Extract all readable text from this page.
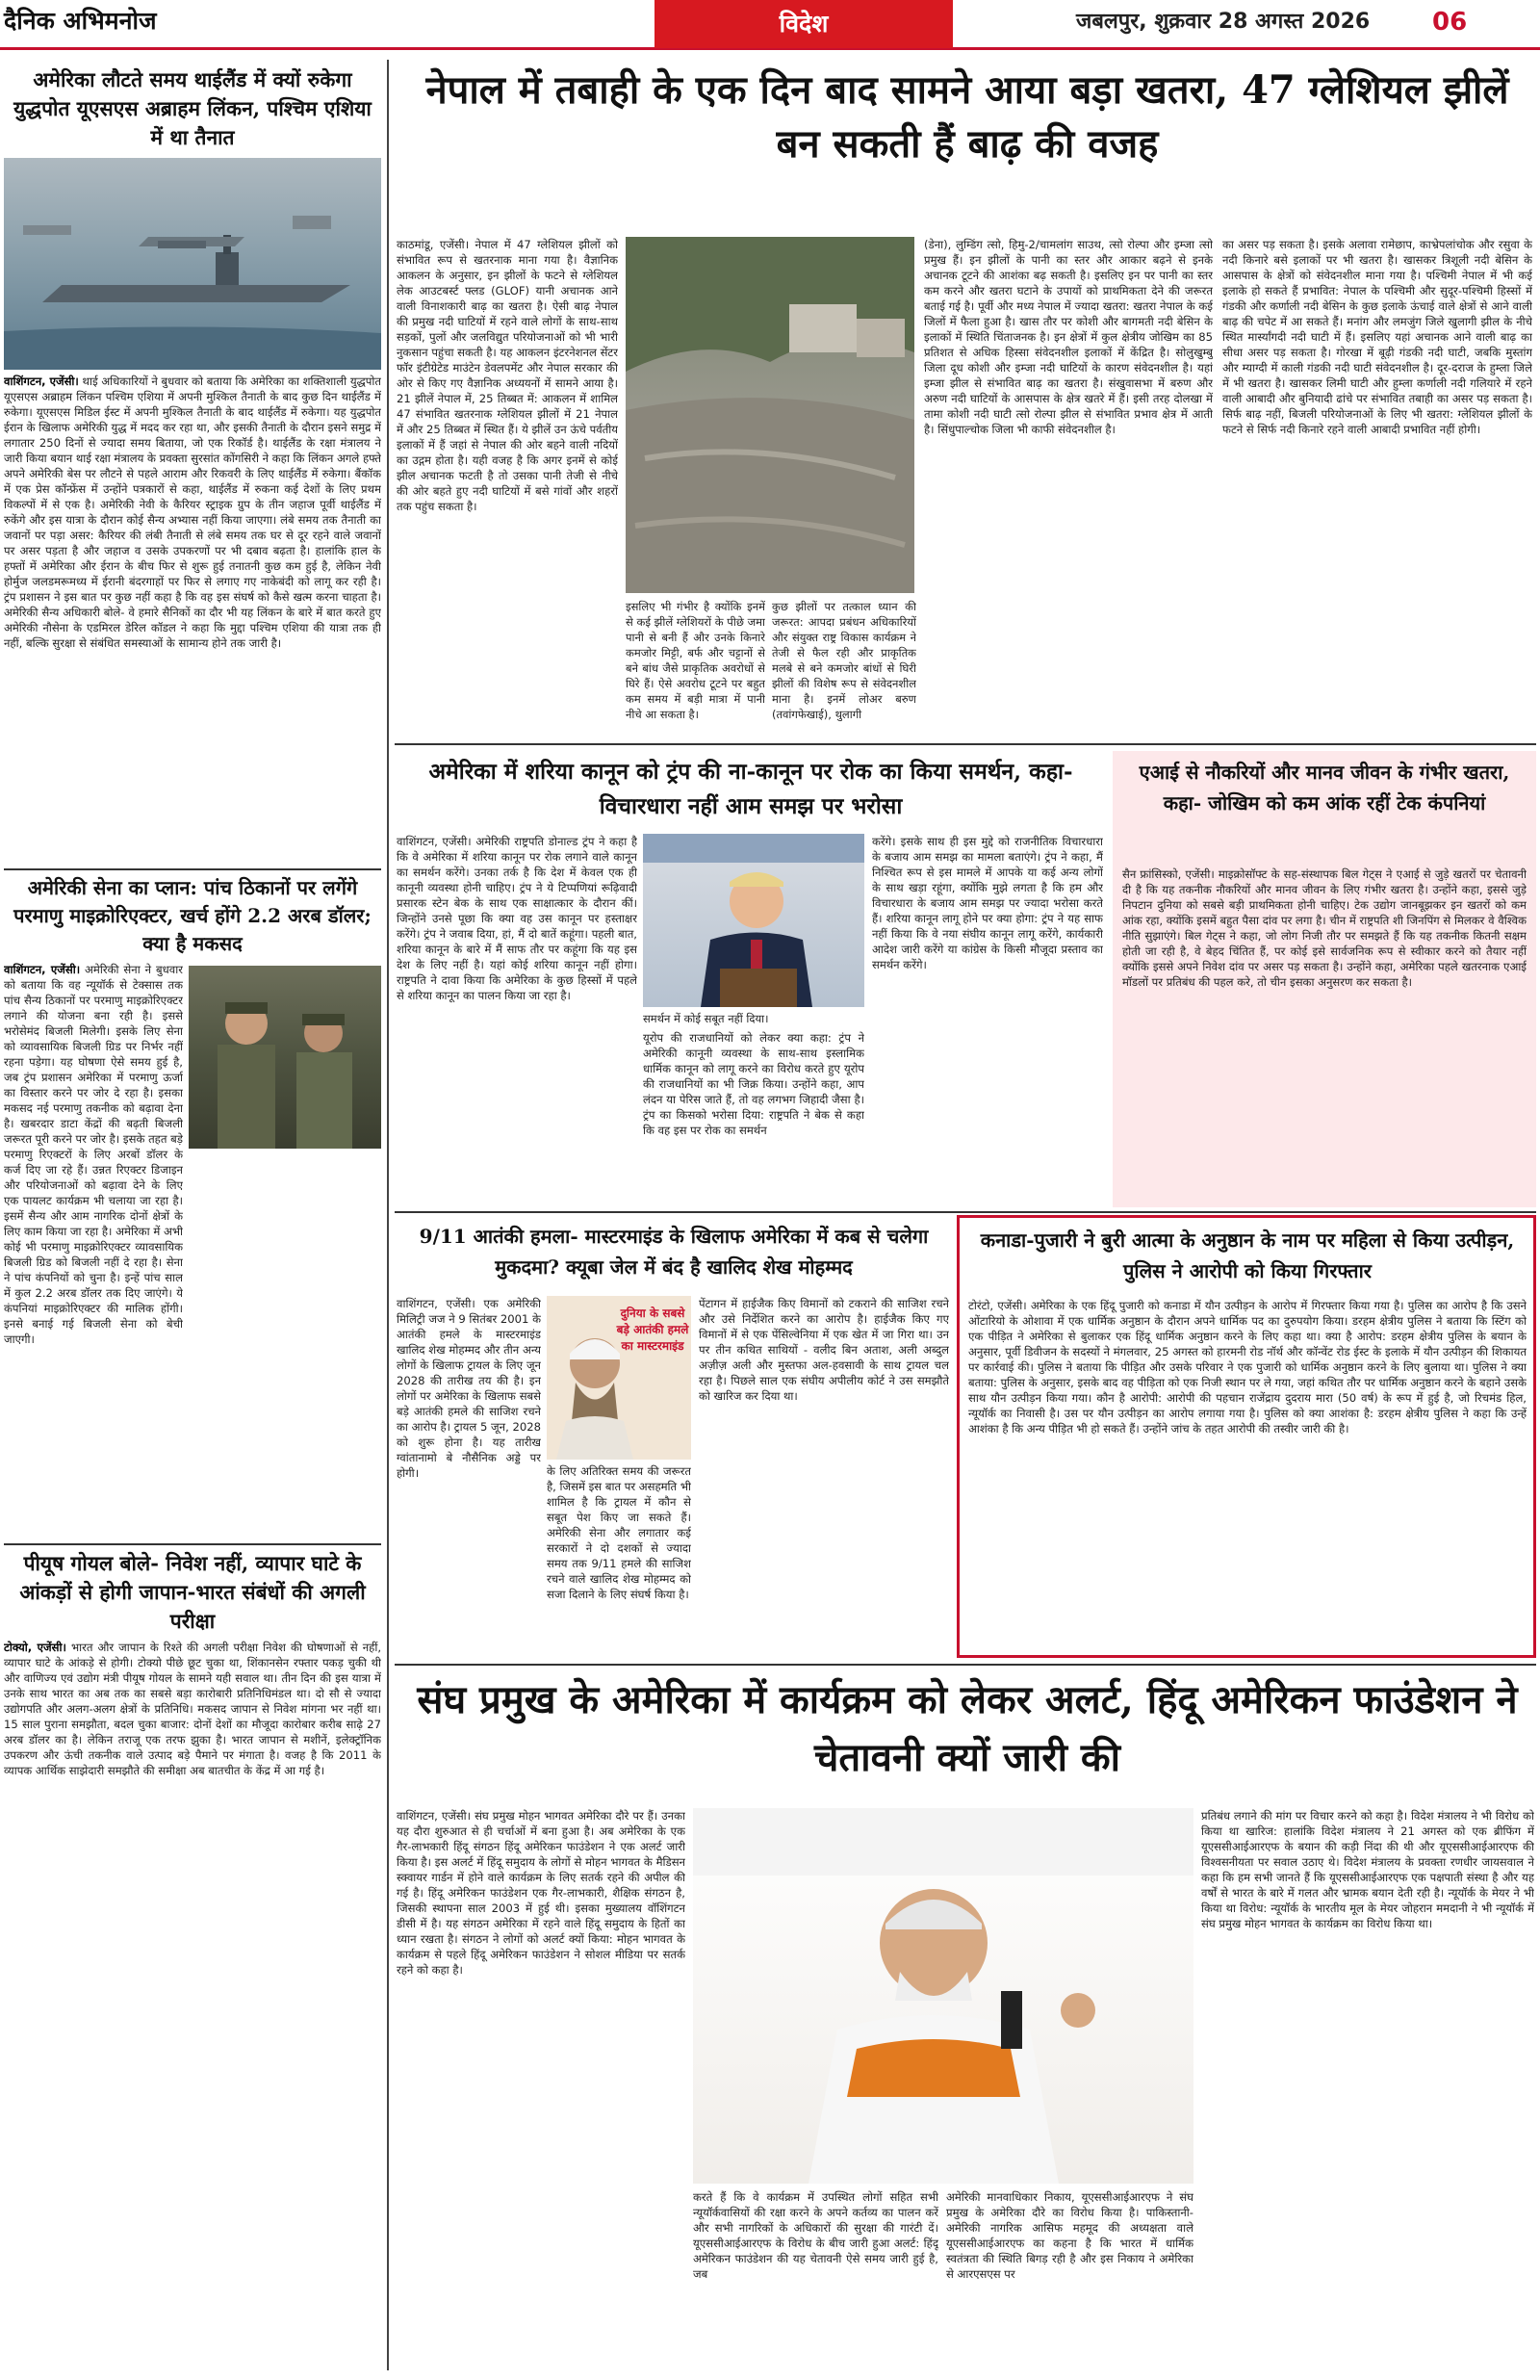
दैनिक अभिमनोज	विदेश	जबलपुर, शुक्रवार 28 अगस्त 2026 06
अमेरिका लौटते समय थाईलैंड में क्यों रुकेगा युद्धपोत यूएसएस अब्राहम लिंकन, पश्चिम एशिया में था तैनात
वाशिंगटन, एजेंसी। थाई अधिकारियों ने बुधवार को बताया कि अमेरिका का शक्तिशाली युद्धपोत यूएसएस अब्राहम लिंकन पश्चिम एशिया में अपनी मुश्किल तैनाती के बाद कुछ दिन थाईलैंड में रुकेगा। यूएसएस मिडिल ईस्ट में अपनी मुश्किल तैनाती के बाद थाईलैंड में रुकेगा। यह युद्धपोत ईरान के खिलाफ अमेरिकी युद्ध में मदद कर रहा था, और इसकी तैनाती के दौरान इसने समुद्र में लगातार 250 दिनों से ज्यादा समय बिताया, जो एक रिकॉर्ड है। थाईलैंड के रक्षा मंत्रालय ने जारी किया बयान थाई रक्षा मंत्रालय के प्रवक्ता सुरसांत कोंगसिरी ने कहा कि लिंकन अगले हफ्ते अपने अमेरिकी बेस पर लौटने से पहले आराम और रिकवरी के लिए थाईलैंड में रुकेगा। बैंकॉक में एक प्रेस कॉन्फ्रेंस में उन्होंने पत्रकारों से कहा, थाईलैंड में रुकना कई देशों के लिए प्रथम विकल्पों में से एक है। अमेरिकी नेवी के कैरियर स्ट्राइक ग्रुप के तीन जहाज पूर्वी थाईलैंड में रुकेंगे और इस यात्रा के दौरान कोई सैन्य अभ्यास नहीं किया जाएगा। लंबे समय तक तैनाती का जवानों पर पड़ा असर: कैरियर की लंबी तैनाती से लंबे समय तक घर से दूर रहने वाले जवानों पर असर पड़ता है और जहाज व उसके उपकरणों पर भी दबाव बढ़ता है। हालांकि हाल के हफ्तों में अमेरिका और ईरान के बीच फिर से शुरू हुई तनातनी कुछ कम हुई है, लेकिन नेवी होर्मुज जलडमरूमध्य में ईरानी बंदरगाहों पर फिर से लगाए गए नाकेबंदी को लागू कर रही है। ट्रंप प्रशासन ने इस बात पर कुछ नहीं कहा है कि वह इस संघर्ष को कैसे खत्म करना चाहता है। अमेरिकी सैन्य अधिकारी बोले- वे हमारे सैनिकों का दौर भी यह लिंकन के बारे में बात करते हुए अमेरिकी नौसेना के एडमिरल डेरिल कॉडल ने कहा कि मुद्दा पश्चिम एशिया की यात्रा तक ही नहीं, बल्कि सुरक्षा से संबंधित समस्याओं के सामान्य होने तक जारी है।
अमेरिकी सेना का प्लान: पांच ठिकानों पर लगेंगे परमाणु माइक्रोरिएक्टर, खर्च होंगे 2.2 अरब डॉलर; क्या है मकसद
वाशिंगटन, एजेंसी। अमेरिकी सेना ने बुधवार को बताया कि वह न्यूयॉर्क से टेक्सास तक पांच सैन्य ठिकानों पर परमाणु माइक्रोरिएक्टर लगाने की योजना बना रही है। इससे भरोसेमंद बिजली मिलेगी। इसके लिए सेना को व्यावसायिक बिजली ग्रिड पर निर्भर नहीं रहना पड़ेगा। यह घोषणा ऐसे समय हुई है, जब ट्रंप प्रशासन अमेरिका में परमाणु ऊर्जा का विस्तार करने पर जोर दे रहा है। इसका मकसद नई परमाणु तकनीक को बढ़ावा देना है। खबरदार डाटा केंद्रों की बढ़ती बिजली जरूरत पूरी करने पर जोर है। इसके तहत बड़े परमाणु रिएक्टरों के लिए अरबों डॉलर के कर्ज दिए जा रहे हैं। उन्नत रिएक्टर डिजाइन और परियोजनाओं को बढ़ावा देने के लिए एक पायलट कार्यक्रम भी चलाया जा रहा है। इसमें सैन्य और आम नागरिक दोनों क्षेत्रों के लिए काम किया जा रहा है। अमेरिका में अभी कोई भी परमाणु माइक्रोरिएक्टर व्यावसायिक बिजली ग्रिड को बिजली नहीं दे रहा है। सेना ने पांच कंपनियों को चुना है। इन्हें पांच साल में कुल 2.2 अरब डॉलर तक दिए जाएंगे। ये कंपनियां माइक्रोरिएक्टर की मालिक होंगी। इनसे बनाई गई बिजली सेना को बेची जाएगी।
पीयूष गोयल बोले- निवेश नहीं, व्यापार घाटे के आंकड़ों से होगी जापान-भारत संबंधों की अगली परीक्षा
टोक्यो, एजेंसी। भारत और जापान के रिश्ते की अगली परीक्षा निवेश की घोषणाओं से नहीं, व्यापार घाटे के आंकड़े से होगी। टोक्यो पीछे छूट चुका था, शिंकानसेन रफ्तार पकड़ चुकी थी और वाणिज्य एवं उद्योग मंत्री पीयूष गोयल के सामने यही सवाल था। तीन दिन की इस यात्रा में उनके साथ भारत का अब तक का सबसे बड़ा कारोबारी प्रतिनिधिमंडल था। दो सौ से ज्यादा उद्योगपति और अलग-अलग क्षेत्रों के प्रतिनिधि। मकसद जापान से निवेश मांगना भर नहीं था। 15 साल पुराना समझौता, बदल चुका बाजार: दोनों देशों का मौजूदा कारोबार करीब साढ़े 27 अरब डॉलर का है। लेकिन तराजू एक तरफ झुका है। भारत जापान से मशीनें, इलेक्ट्रॉनिक उपकरण और ऊंची तकनीक वाले उत्पाद बड़े पैमाने पर मंगाता है। वजह है कि 2011 के व्यापक आर्थिक साझेदारी समझौते की समीक्षा अब बातचीत के केंद्र में आ गई है।
नेपाल में तबाही के एक दिन बाद सामने आया बड़ा खतरा, 47 ग्लेशियल झीलें बन सकती हैं बाढ़ की वजह
काठमांडू, एजेंसी। नेपाल में 47 ग्लेशियल झीलों को संभावित रूप से खतरनाक माना गया है। वैज्ञानिक आकलन के अनुसार, इन झीलों के फटने से ग्लेशियल लेक आउटबर्स्ट फ्लड (GLOF) यानी अचानक आने वाली विनाशकारी बाढ़ का खतरा है। ऐसी बाढ़ नेपाल की प्रमुख नदी घाटियों में रहने वाले लोगों के साथ-साथ सड़कों, पुलों और जलविद्युत परियोजनाओं को भी भारी नुकसान पहुंचा सकती है। यह आकलन इंटरनेशनल सेंटर फॉर इंटीग्रेटेड माउंटेन डेवलपमेंट और नेपाल सरकार की ओर से किए गए वैज्ञानिक अध्ययनों में सामने आया है। 21 झीलें नेपाल में, 25 तिब्बत में: आकलन में शामिल 47 संभावित खतरनाक ग्लेशियल झीलों में 21 नेपाल में और 25 तिब्बत में स्थित हैं। ये झीलें उन ऊंचे पर्वतीय इलाकों में हैं जहां से नेपाल की ओर बहने वाली नदियों का उद्गम होता है। यही वजह है कि अगर इनमें से कोई झील अचानक फटती है तो उसका पानी तेजी से नीचे की ओर बहते हुए नदी घाटियों में बसे गांवों और शहरों तक पहुंच सकता है।
इसलिए भी गंभीर है क्योंकि इनमें से कई झीलें ग्लेशियरों के पीछे जमा पानी से बनी हैं और उनके किनारे कमजोर मिट्टी, बर्फ और चट्टानों से बने बांध जैसे प्राकृतिक अवरोधों से घिरे हैं। ऐसे अवरोध टूटने पर बहुत कम समय में बड़ी मात्रा में पानी नीचे आ सकता है।
कुछ झीलों पर तत्काल ध्यान की जरूरत: आपदा प्रबंधन अधिकारियों और संयुक्त राष्ट्र विकास कार्यक्रम ने तेजी से फैल रही और प्राकृतिक मलबे से बने कमजोर बांधों से घिरी झीलों की विशेष रूप से संवेदनशील माना है। इनमें लोअर बरुण (तवांगफेखाई), थुलागी
(डेना), लुम्डिंग त्सो, हिमु-2/चामलांग साउथ, त्सो रोल्पा और इम्जा त्सो प्रमुख हैं। इन झीलों के पानी का स्तर और आकार बढ़ने से इनके अचानक टूटने की आशंका बढ़ सकती है। इसलिए इन पर पानी का स्तर कम करने और खतरा घटाने के उपायों को प्राथमिकता देने की जरूरत बताई गई है। पूर्वी और मध्य नेपाल में ज्यादा खतरा: खतरा नेपाल के कई जिलों में फैला हुआ है। खास तौर पर कोशी और बागमती नदी बेसिन के इलाकों में स्थिति चिंताजनक है। इन क्षेत्रों में कुल क्षेत्रीय जोखिम का 85 प्रतिशत से अधिक हिस्सा संवेदनशील इलाकों में केंद्रित है। सोलुखुम्बु जिला दूध कोशी और इम्जा नदी घाटियों के कारण संवेदनशील है। यहां इम्जा झील से संभावित बाढ़ का खतरा है। संखुवासभा में बरुण और अरुण नदी घाटियों के आसपास के क्षेत्र खतरे में हैं। इसी तरह दोलखा में तामा कोशी नदी घाटी त्सो रोल्पा झील से संभावित प्रभाव क्षेत्र में आती है। सिंधुपाल्चोक जिला भी काफी संवेदनशील है।
का असर पड़ सकता है। इसके अलावा रामेछाप, काभ्रेपलांचोक और रसुवा के नदी किनारे बसे इलाकों पर भी खतरा है। खासकर त्रिशूली नदी बेसिन के आसपास के क्षेत्रों को संवेदनशील माना गया है। पश्चिमी नेपाल में भी कई इलाके हो सकते हैं प्रभावित: नेपाल के पश्चिमी और सुदूर-पश्चिमी हिस्सों में गंडकी और कर्णाली नदी बेसिन के कुछ इलाके ऊंचाई वाले क्षेत्रों से आने वाली बाढ़ की चपेट में आ सकते हैं। मनांग और लमजुंग जिले खुलागी झील के नीचे स्थित मार्स्यांगदी नदी घाटी में हैं। इसलिए यहां अचानक आने वाली बाढ़ का सीधा असर पड़ सकता है। गोरखा में बूढ़ी गंडकी नदी घाटी, जबकि मुस्तांग और म्याग्दी में काली गंडकी नदी घाटी संवेदनशील है। दूर-दराज के हुम्ला जिले में भी खतरा है। खासकर लिमी घाटी और हुम्ला कर्णाली नदी गलियारे में रहने वाली आबादी और बुनियादी ढांचे पर संभावित तबाही का असर पड़ सकता है। सिर्फ बाढ़ नहीं, बिजली परियोजनाओं के लिए भी खतरा: ग्लेशियल झीलों के फटने से सिर्फ नदी किनारे रहने वाली आबादी प्रभावित नहीं होगी।
अमेरिका में शरिया कानून को ट्रंप की ना-कानून पर रोक का किया समर्थन, कहा- विचारधारा नहीं आम समझ पर भरोसा
वाशिंगटन, एजेंसी। अमेरिकी राष्ट्रपति डोनाल्ड ट्रंप ने कहा है कि वे अमेरिका में शरिया कानून पर रोक लगाने वाले कानून का समर्थन करेंगे। उनका तर्क है कि देश में केवल एक ही कानूनी व्यवस्था होनी चाहिए। ट्रंप ने ये टिप्पणियां रूढ़िवादी प्रसारक स्टेन बेक के साथ एक साक्षात्कार के दौरान कीं। जिन्होंने उनसे पूछा कि क्या वह उस कानून पर हस्ताक्षर करेंगे। ट्रंप ने जवाब दिया, हां, मैं दो बातें कहूंगा। पहली बात, शरिया कानून के बारे में मैं साफ तौर पर कहूंगा कि यह इस देश के लिए नहीं है। यहां कोई शरिया कानून नहीं होगा। राष्ट्रपति ने दावा किया कि अमेरिका के कुछ हिस्सों में पहले से शरिया कानून का पालन किया जा रहा है।
समर्थन में कोई सबूत नहीं दिया।
यूरोप की राजधानियों को लेकर क्या कहा: ट्रंप ने अमेरिकी कानूनी व्यवस्था के साथ-साथ इस्लामिक धार्मिक कानून को लागू करने का विरोध करते हुए यूरोप की राजधानियों का भी जिक्र किया। उन्होंने कहा, आप लंदन या पेरिस जाते हैं, तो वह लगभग जिहादी जैसा है। ट्रंप का किसको भरोसा दिया: राष्ट्रपति ने बेक से कहा कि वह इस पर रोक का समर्थन
करेंगे। इसके साथ ही इस मुद्दे को राजनीतिक विचारधारा के बजाय आम समझ का मामला बताएंगे। ट्रंप ने कहा, मैं निश्चित रूप से इस मामले में आपके या कई अन्य लोगों के साथ खड़ा रहूंगा, क्योंकि मुझे लगता है कि हम और विचारधारा के बजाय आम समझ पर ज्यादा भरोसा करते हैं। शरिया कानून लागू होने पर क्या होगा: ट्रंप ने यह साफ नहीं किया कि वे नया संघीय कानून लागू करेंगे, कार्यकारी आदेश जारी करेंगे या कांग्रेस के किसी मौजूदा प्रस्ताव का समर्थन करेंगे।
एआई से नौकरियों और मानव जीवन के गंभीर खतरा, कहा- जोखिम को कम आंक रहीं टेक कंपनियां
सैन फ्रांसिस्को, एजेंसी। माइक्रोसॉफ्ट के सह-संस्थापक बिल गेट्स ने एआई से जुड़े खतरों पर चेतावनी दी है कि यह तकनीक नौकरियों और मानव जीवन के लिए गंभीर खतरा है। उन्होंने कहा, इससे जुड़े निपटान दुनिया को सबसे बड़ी प्राथमिकता होनी चाहिए। टेक उद्योग जानबूझकर इन खतरों को कम आंक रहा, क्योंकि इसमें बहुत पैसा दांव पर लगा है। चीन में राष्ट्रपति शी जिनपिंग से मिलकर वे वैश्विक नीति सुझाएंगे। बिल गेट्स ने कहा, जो लोग निजी तौर पर समझते हैं कि यह तकनीक कितनी सक्षम होती जा रही है, वे बेहद चिंतित हैं, पर कोई इसे सार्वजनिक रूप से स्वीकार करने को तैयार नहीं क्योंकि इससे अपने निवेश दांव पर असर पड़ सकता है। उन्होंने कहा, अमेरिका पहले खतरनाक एआई मॉडलों पर प्रतिबंध की पहल करे, तो चीन इसका अनुसरण कर सकता है।
9/11 आतंकी हमला- मास्टरमाइंड के खिलाफ अमेरिका में कब से चलेगा मुकदमा? क्यूबा जेल में बंद है खालिद शेख मोहम्मद
वाशिंगटन, एजेंसी। एक अमेरिकी मिलिट्री जज ने 9 सितंबर 2001 के आतंकी हमले के मास्टरमाइंड खालिद शेख मोहम्मद और तीन अन्य लोगों के खिलाफ ट्रायल के लिए जून 2028 की तारीख तय की है। इन लोगों पर अमेरिका के खिलाफ सबसे बड़े आतंकी हमले की साजिश रचने का आरोप है। ट्रायल 5 जून, 2028 को शुरू होना है। यह तारीख ग्वांतानामो बे नौसैनिक अड्डे पर होगी।
दुनिया के सबसे बड़े आतंकी हमले का मास्टरमाइंड
के लिए अतिरिक्त समय की जरूरत है, जिसमें इस बात पर असहमति भी शामिल है कि ट्रायल में कौन से सबूत पेश किए जा सकते हैं। अमेरिकी सेना और लगातार कई सरकारों ने दो दशकों से ज्यादा समय तक 9/11 हमले की साजिश रचने वाले खालिद शेख मोहम्मद को सजा दिलाने के लिए संघर्ष किया है।
पेंटागन में हाईजैक किए विमानों को टकराने की साजिश रचने और उसे निर्देशित करने का आरोप है। हाईजैक किए गए विमानों में से एक पेंसिल्वेनिया में एक खेत में जा गिरा था। उन पर तीन कथित साथियों - वलीद बिन अताश, अली अब्दुल अज़ीज़ अली और मुस्तफा अल-हवसावी के साथ ट्रायल चल रहा है। पिछले साल एक संघीय अपीलीय कोर्ट ने उस समझौते को खारिज कर दिया था।
कनाडा-पुजारी ने बुरी आत्मा के अनुष्ठान के नाम पर महिला से किया उत्पीड़न, पुलिस ने आरोपी को किया गिरफ्तार
टोरंटो, एजेंसी। अमेरिका के एक हिंदू पुजारी को कनाडा में यौन उत्पीड़न के आरोप में गिरफ्तार किया गया है। पुलिस का आरोप है कि उसने ओंटारियो के ओशावा में एक धार्मिक अनुष्ठान के दौरान अपने धार्मिक पद का दुरुपयोग किया। डरहम क्षेत्रीय पुलिस ने बताया कि स्टिंग को एक पीड़ित ने अमेरिका से बुलाकर एक हिंदू धार्मिक अनुष्ठान करने के लिए कहा था। क्या है आरोप: डरहम क्षेत्रीय पुलिस के बयान के अनुसार, पूर्वी डिवीजन के सदस्यों ने मंगलवार, 25 अगस्त को हारमनी रोड नॉर्थ और कॉन्वेंट रोड ईस्ट के इलाके में यौन उत्पीड़न की शिकायत पर कार्रवाई की। पुलिस ने बताया कि पीड़ित और उसके परिवार ने एक पुजारी को धार्मिक अनुष्ठान करने के लिए बुलाया था। पुलिस ने क्या बताया: पुलिस के अनुसार, इसके बाद वह पीड़िता को एक निजी स्थान पर ले गया, जहां कथित तौर पर धार्मिक अनुष्ठान करने के बहाने उसके साथ यौन उत्पीड़न किया गया। कौन है आरोपी: आरोपी की पहचान राजेंद्राय दुदराय मारा (50 वर्ष) के रूप में हुई है, जो रिचमंड हिल, न्यूयॉर्क का निवासी है। उस पर यौन उत्पीड़न का आरोप लगाया गया है। पुलिस को क्या आशंका है: डरहम क्षेत्रीय पुलिस ने कहा कि उन्हें आशंका है कि अन्य पीड़ित भी हो सकते हैं। उन्होंने जांच के तहत आरोपी की तस्वीर जारी की है।
संघ प्रमुख के अमेरिका में कार्यक्रम को लेकर अलर्ट, हिंदू अमेरिकन फाउंडेशन ने चेतावनी क्यों जारी की
वाशिंगटन, एजेंसी। संघ प्रमुख मोहन भागवत अमेरिका दौरे पर हैं। उनका यह दौरा शुरुआत से ही चर्चाओं में बना हुआ है। अब अमेरिका के एक गैर-लाभकारी हिंदू संगठन हिंदू अमेरिकन फाउंडेशन ने एक अलर्ट जारी किया है। इस अलर्ट में हिंदू समुदाय के लोगों से मोहन भागवत के मैडिसन स्क्वायर गार्डन में होने वाले कार्यक्रम के लिए सतर्क रहने की अपील की गई है। हिंदू अमेरिकन फाउंडेशन एक गैर-लाभकारी, शैक्षिक संगठन है, जिसकी स्थापना साल 2003 में हुई थी। इसका मुख्यालय वॉशिंगटन डीसी में है। यह संगठन अमेरिका में रहने वाले हिंदू समुदाय के हितों का ध्यान रखता है। संगठन ने लोगों को अलर्ट क्यों किया: मोहन भागवत के कार्यक्रम से पहले हिंदू अमेरिकन फाउंडेशन ने सोशल मीडिया पर सतर्क रहने को कहा है।
करते हैं कि वे कार्यक्रम में उपस्थित लोगों सहित सभी न्यूयॉर्कवासियों की रक्षा करने के अपने कर्तव्य का पालन करें और सभी नागरिकों के अधिकारों की सुरक्षा की गारंटी दें। यूएससीआईआरएफ के विरोध के बीच जारी हुआ अलर्ट: हिंदू अमेरिकन फाउंडेशन की यह चेतावनी ऐसे समय जारी हुई है, जब
अमेरिकी मानवाधिकार निकाय, यूएससीआईआरएफ ने संघ प्रमुख के अमेरिका दौरे का विरोध किया है। पाकिस्तानी-अमेरिकी नागरिक आसिफ महमूद की अध्यक्षता वाले यूएससीआईआरएफ का कहना है कि भारत में धार्मिक स्वतंत्रता की स्थिति बिगड़ रही है और इस निकाय ने अमेरिका से आरएसएस पर
प्रतिबंध लगाने की मांग पर विचार करने को कहा है। विदेश मंत्रालय ने भी विरोध को किया था खारिज: हालांकि विदेश मंत्रालय ने 21 अगस्त को एक ब्रीफिंग में यूएससीआईआरएफ के बयान की कड़ी निंदा की थी और यूएससीआईआरएफ की विश्वसनीयता पर सवाल उठाए थे। विदेश मंत्रालय के प्रवक्ता रणधीर जायसवाल ने कहा कि हम सभी जानते हैं कि यूएससीआईआरएफ एक पक्षपाती संस्था है और यह वर्षों से भारत के बारे में गलत और भ्रामक बयान देती रही है। न्यूयॉर्क के मेयर ने भी किया था विरोध: न्यूयॉर्क के भारतीय मूल के मेयर जोहरान ममदानी ने भी न्यूयॉर्क में संघ प्रमुख मोहन भागवत के कार्यक्रम का विरोध किया था।
